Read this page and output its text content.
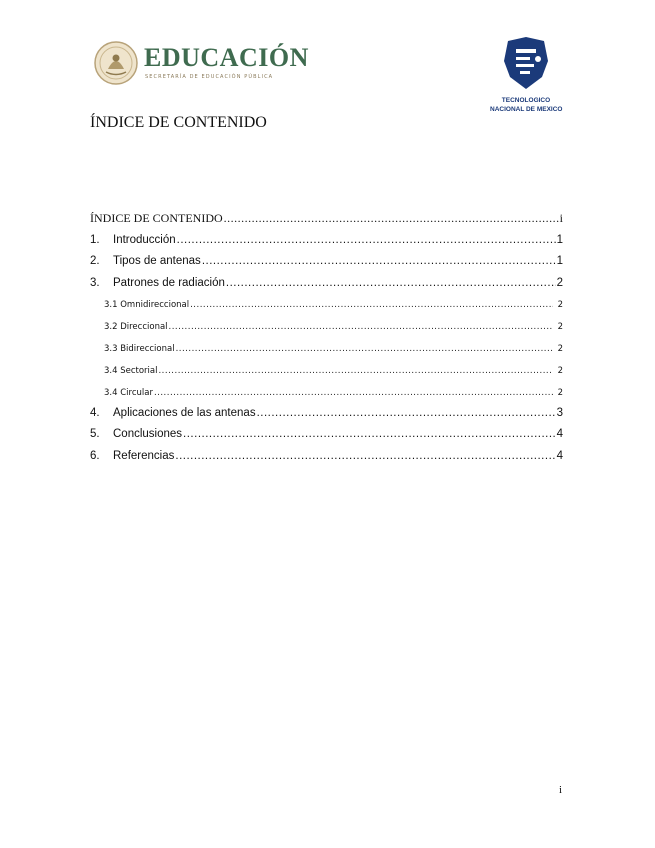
EDUCACIÓN
SECRETARÍA DE EDUCACIÓN PÚBLICA
TECNOLOGICO
NACIONAL DE MEXICO
ÍNDICE DE CONTENIDO
ÍNDICE DE CONTENIDO .....	i
1.	Introducción .....	1
2.	Tipos de antenas .....	1
3.	Patrones de radiación .....	2
3.1 Omnidireccional .....	2
3.2 Direccional .....	2
3.3 Bidireccional .....	2
3.4 Sectorial .....	2
3.4 Circular .....	2
4.	Aplicaciones de las antenas .....	3
5.	Conclusiones .....	4
6.	Referencias .....	4
i
